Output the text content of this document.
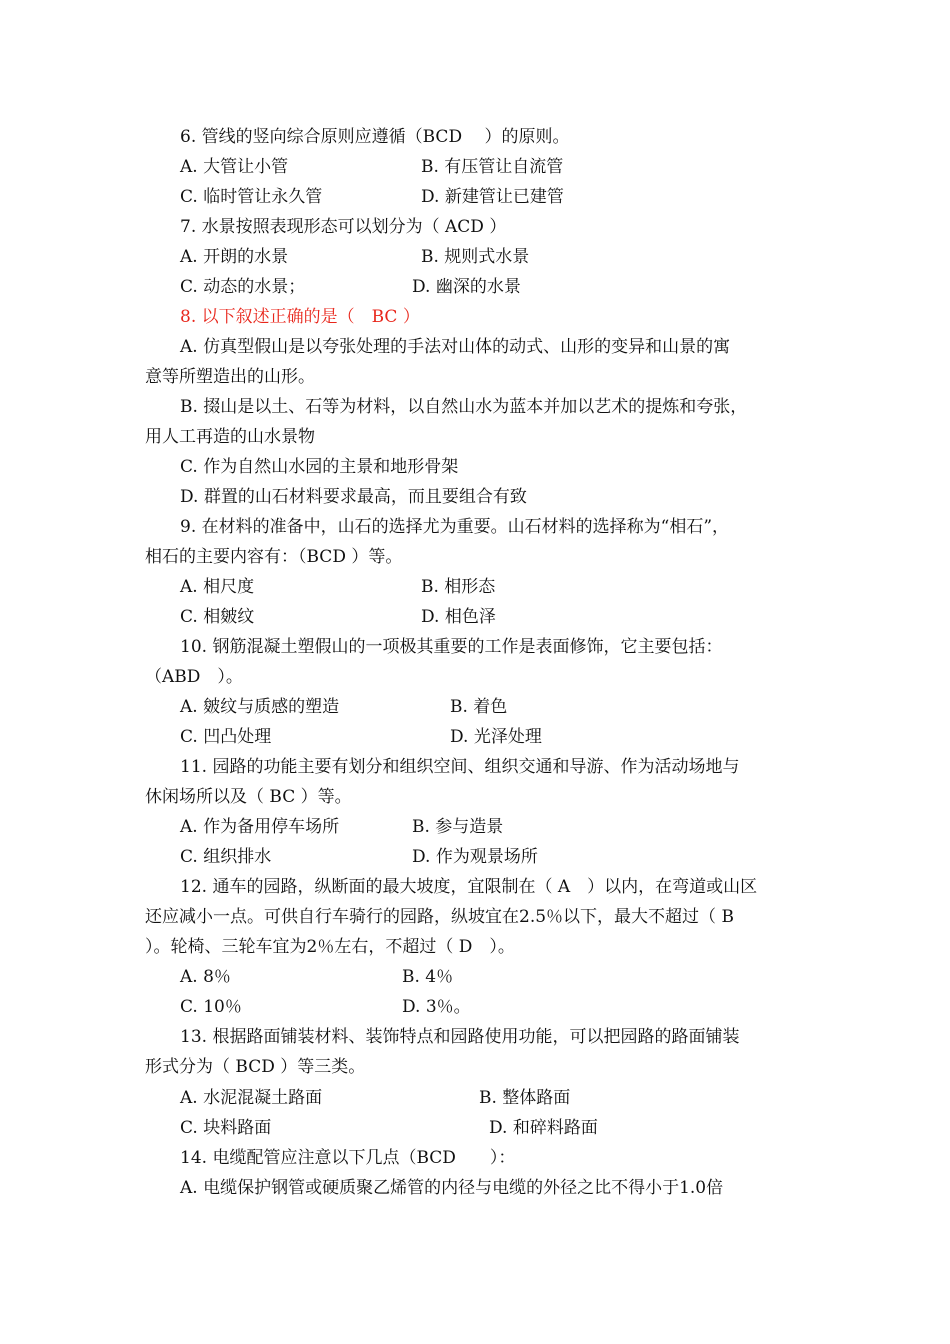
6. 管线的竖向综合原则应遵循（BCD　 ）的原则。
A. 大管让小管	B. 有压管让自流管
C. 临时管让永久管	D. 新建管让已建管
7. 水景按照表现形态可以划分为（ ACD ）
A. 开朗的水景	B. 规则式水景
C. 动态的水景；	D. 幽深的水景
8. 以下叙述正确的是（　BC ）
A. 仿真型假山是以夸张处理的手法对山体的动式、山形的变异和山景的寓
意等所塑造出的山形。
B. 掇山是以土、石等为材料，以自然山水为蓝本并加以艺术的提炼和夸张，
用人工再造的山水景物
C. 作为自然山水园的主景和地形骨架
D. 群置的山石材料要求最高，而且要组合有致
9. 在材料的准备中，山石的选择尤为重要。山石材料的选择称为“相石”，
相石的主要内容有：（BCD ）等。
A. 相尺度	B. 相形态
C. 相皴纹	D. 相色泽
10. 钢筋混凝土塑假山的一项极其重要的工作是表面修饰，它主要包括：
（ABD　）。
A. 皴纹与质感的塑造	B. 着色
C. 凹凸处理	D. 光泽处理
11. 园路的功能主要有划分和组织空间、组织交通和导游、作为活动场地与
休闲场所以及（ BC ）等。
A. 作为备用停车场所	B. 参与造景
C. 组织排水	D. 作为观景场所
12. 通车的园路，纵断面的最大坡度，宜限制在（ A　）以内，在弯道或山区
还应减小一点。可供自行车骑行的园路，纵坡宜在2.5％以下，最大不超过（ B
）。轮椅、三轮车宜为2％左右，不超过（ D　）。
A. 8％	B. 4％
C. 10％	D. 3％。
13. 根据路面铺装材料、装饰特点和园路使用功能，可以把园路的路面铺装
形式分为（ BCD ）等三类。
A. 水泥混凝土路面	B. 整体路面
C. 块料路面	D. 和碎料路面
14. 电缆配管应注意以下几点（BCD　　）：
A. 电缆保护钢管或硬质聚乙烯管的内径与电缆的外径之比不得小于1.0倍
